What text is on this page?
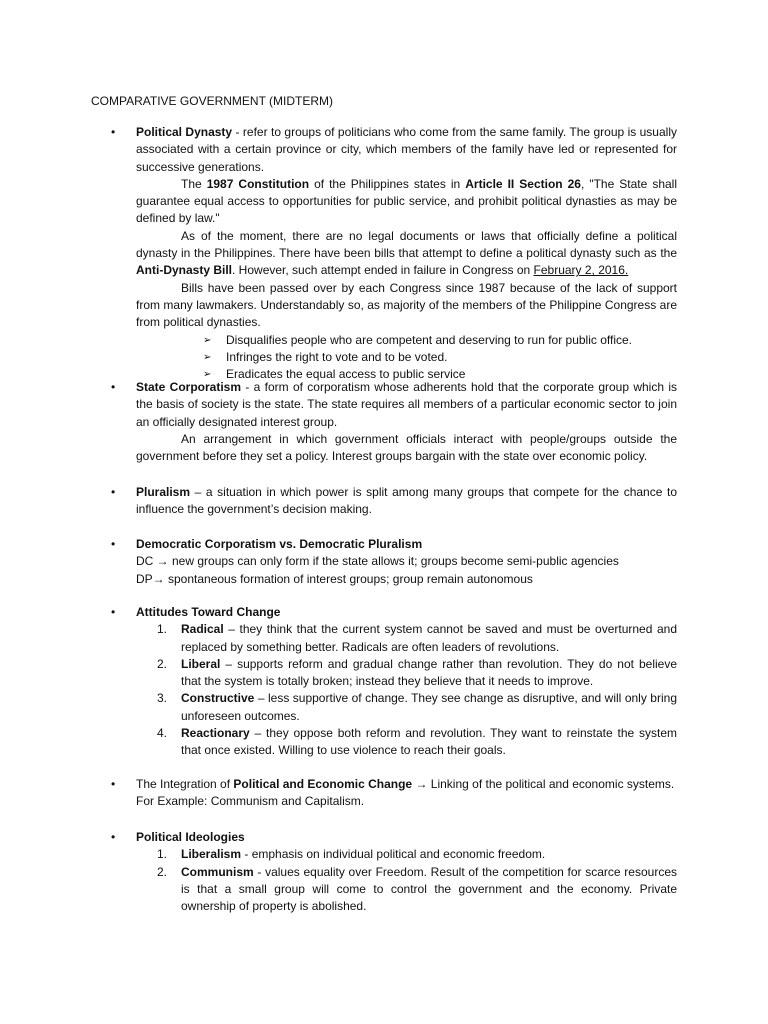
COMPARATIVE GOVERNMENT (MIDTERM)
• Political Dynasty - refer to groups of politicians who come from the same family. The group is usually associated with a certain province or city, which members of the family have led or represented for successive generations.
The 1987 Constitution of the Philippines states in Article II Section 26, "The State shall guarantee equal access to opportunities for public service, and prohibit political dynasties as may be defined by law."
As of the moment, there are no legal documents or laws that officially define a political dynasty in the Philippines. There have been bills that attempt to define a political dynasty such as the Anti-Dynasty Bill. However, such attempt ended in failure in Congress on February 2, 2016.
Bills have been passed over by each Congress since 1987 because of the lack of support from many lawmakers. Understandably so, as majority of the members of the Philippine Congress are from political dynasties.
➢ Disqualifies people who are competent and deserving to run for public office.
➢ Infringes the right to vote and to be voted.
➢ Eradicates the equal access to public service
• State Corporatism - a form of corporatism whose adherents hold that the corporate group which is the basis of society is the state. The state requires all members of a particular economic sector to join an officially designated interest group.
An arrangement in which government officials interact with people/groups outside the government before they set a policy. Interest groups bargain with the state over economic policy.
• Pluralism – a situation in which power is split among many groups that compete for the chance to influence the government’s decision making.
• Democratic Corporatism vs. Democratic Pluralism
DC → new groups can only form if the state allows it; groups become semi-public agencies
DP→ spontaneous formation of interest groups; group remain autonomous
• Attitudes Toward Change
1. Radical – they think that the current system cannot be saved and must be overturned and replaced by something better. Radicals are often leaders of revolutions.
2. Liberal – supports reform and gradual change rather than revolution. They do not believe that the system is totally broken; instead they believe that it needs to improve.
3. Constructive – less supportive of change. They see change as disruptive, and will only bring unforeseen outcomes.
4. Reactionary – they oppose both reform and revolution. They want to reinstate the system that once existed. Willing to use violence to reach their goals.
• The Integration of Political and Economic Change → Linking of the political and economic systems. For Example: Communism and Capitalism.
• Political Ideologies
1. Liberalism - emphasis on individual political and economic freedom.
2. Communism - values equality over Freedom. Result of the competition for scarce resources is that a small group will come to control the government and the economy. Private ownership of property is abolished.
